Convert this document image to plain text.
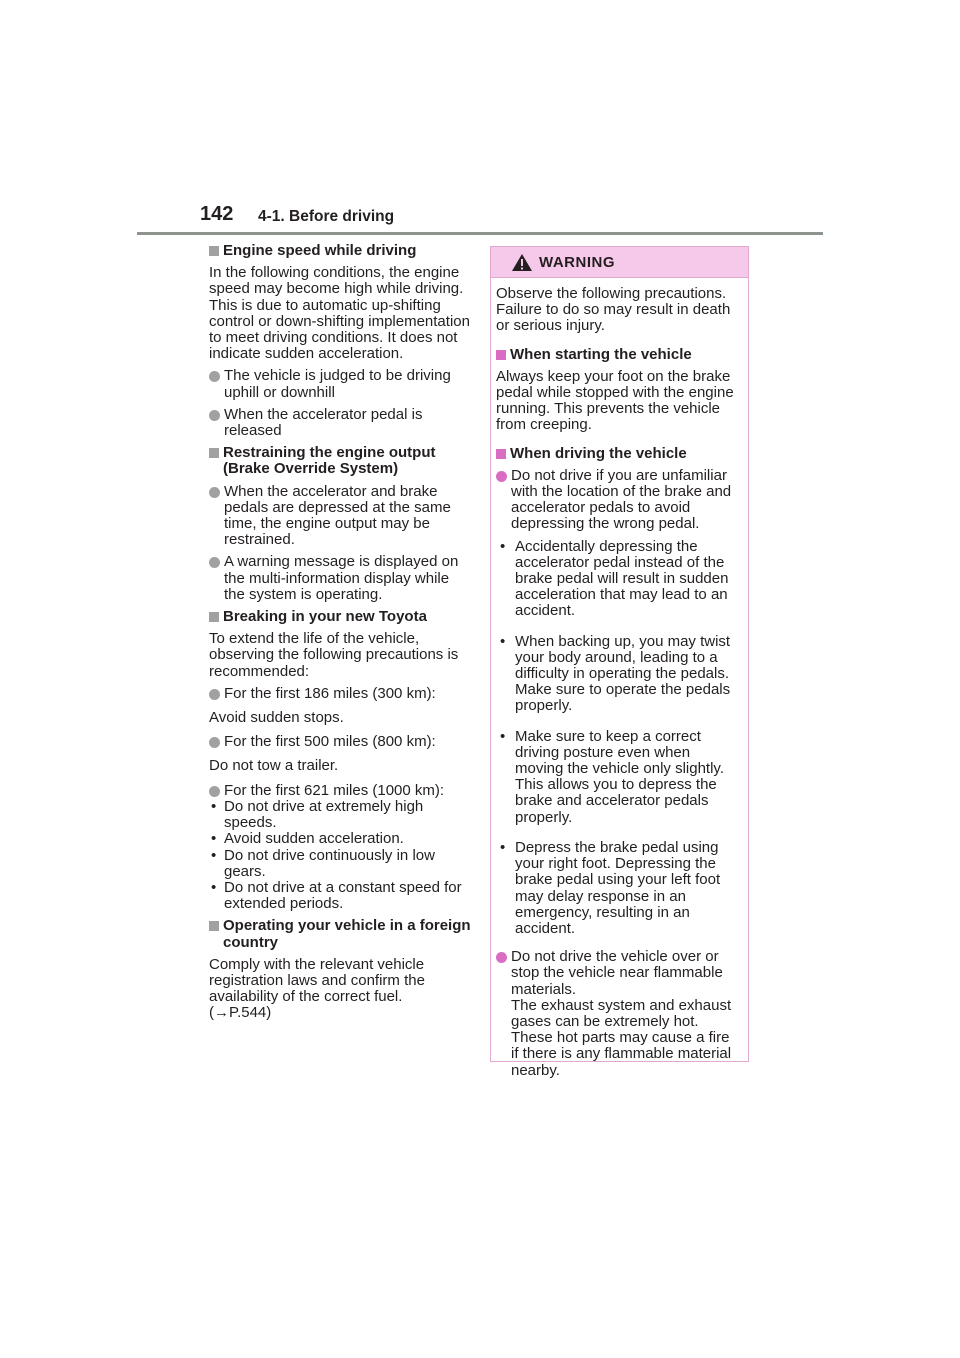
142 4-1. Before driving
Engine speed while driving
In the following conditions, the engine speed may become high while driving. This is due to automatic up-shifting control or down-shifting implementation to meet driving conditions. It does not indicate sudden acceleration.
The vehicle is judged to be driving uphill or downhill
When the accelerator pedal is released
Restraining the engine output (Brake Override System)
When the accelerator and brake pedals are depressed at the same time, the engine output may be restrained.
A warning message is displayed on the multi-information display while the system is operating.
Breaking in your new Toyota
To extend the life of the vehicle, observing the following precautions is recommended:
For the first 186 miles (300 km):
Avoid sudden stops.
For the first 500 miles (800 km):
Do not tow a trailer.
For the first 621 miles (1000 km):
• Do not drive at extremely high speeds.
• Avoid sudden acceleration.
• Do not drive continuously in low gears.
• Do not drive at a constant speed for extended periods.
Operating your vehicle in a foreign country
Comply with the relevant vehicle registration laws and confirm the availability of the correct fuel.
(→P.544)
WARNING
Observe the following precautions.
Failure to do so may result in death or serious injury.
When starting the vehicle
Always keep your foot on the brake pedal while stopped with the engine running. This prevents the vehicle from creeping.
When driving the vehicle
Do not drive if you are unfamiliar with the location of the brake and accelerator pedals to avoid depressing the wrong pedal.
• Accidentally depressing the accelerator pedal instead of the brake pedal will result in sudden acceleration that may lead to an accident.
• When backing up, you may twist your body around, leading to a difficulty in operating the pedals. Make sure to operate the pedals properly.
• Make sure to keep a correct driving posture even when moving the vehicle only slightly. This allows you to depress the brake and accelerator pedals properly.
• Depress the brake pedal using your right foot. Depressing the brake pedal using your left foot may delay response in an emergency, resulting in an accident.
Do not drive the vehicle over or stop the vehicle near flammable materials.
The exhaust system and exhaust gases can be extremely hot. These hot parts may cause a fire if there is any flammable material nearby.
